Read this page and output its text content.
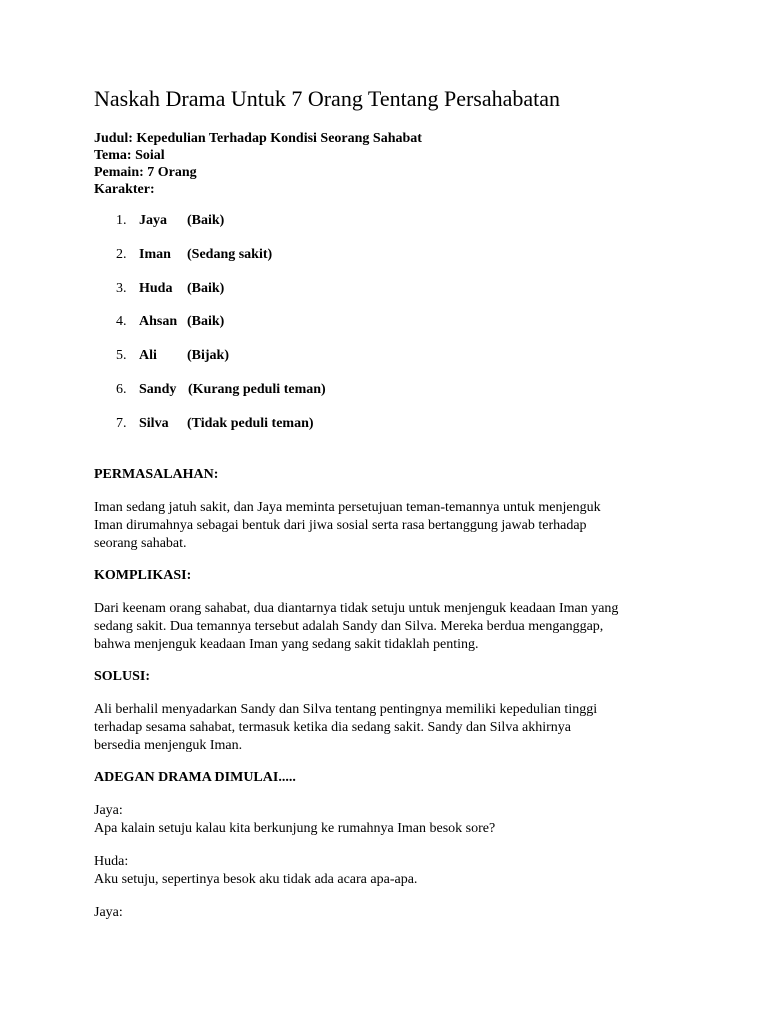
Naskah Drama Untuk 7 Orang Tentang Persahabatan
Judul: Kepedulian Terhadap Kondisi Seorang Sahabat
Tema: Soial
Pemain: 7 Orang
Karakter:
1. Jaya	(Baik)
2. Iman	(Sedang sakit)
3. Huda	(Baik)
4. Ahsan (Baik)
5. Ali	(Bijak)
6. Sandy (Kurang peduli teman)
7. Silva	(Tidak peduli teman)
PERMASALAHAN:
Iman sedang jatuh sakit, dan Jaya meminta persetujuan teman-temannya untuk menjenguk
Iman dirumahnya sebagai bentuk dari jiwa sosial serta rasa bertanggung jawab terhadap
seorang sahabat.
KOMPLIKASI:
Dari keenam orang sahabat, dua diantarnya tidak setuju untuk menjenguk keadaan Iman yang
sedang sakit. Dua temannya tersebut adalah Sandy dan Silva. Mereka berdua menganggap,
bahwa menjenguk keadaan Iman yang sedang sakit tidaklah penting.
SOLUSI:
Ali berhalil menyadarkan Sandy dan Silva tentang pentingnya memiliki kepedulian tinggi
terhadap sesama sahabat, termasuk ketika dia sedang sakit. Sandy dan Silva akhirnya
bersedia menjenguk Iman.
ADEGAN DRAMA DIMULAI.....
Jaya:
Apa kalain setuju kalau kita berkunjung ke rumahnya Iman besok sore?
Huda:
Aku setuju, sepertinya besok aku tidak ada acara apa-apa.
Jaya:
